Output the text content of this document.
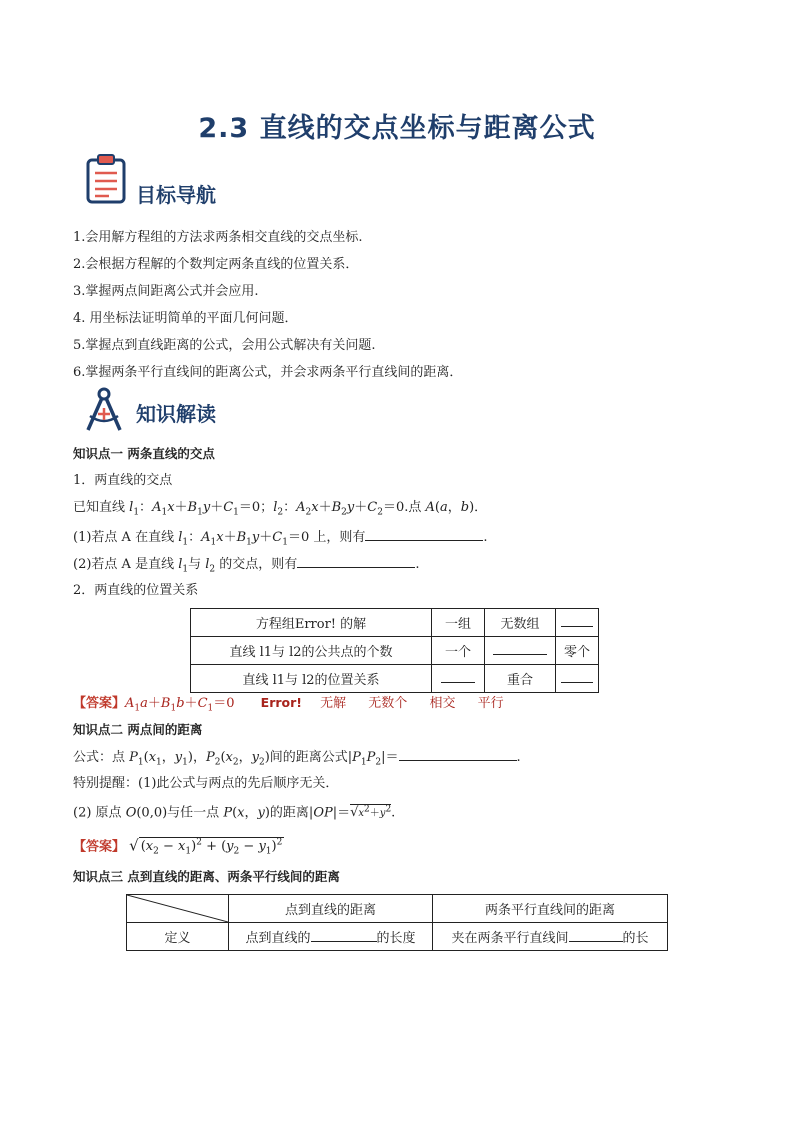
2.3 直线的交点坐标与距离公式
目标导航
1.会用解方程组的方法求两条相交直线的交点坐标.
2.会根据方程解的个数判定两条直线的位置关系．
3.掌握两点间距离公式并会应用.
4. 用坐标法证明简单的平面几何问题．
5.掌握点到直线距离的公式，会用公式解决有关问题.
6.掌握两条平行直线间的距离公式，并会求两条平行直线间的距离．
知识解读
知识点一 两条直线的交点
1．两直线的交点
已知直线 $l_1$：$A_1x+B_1y+C_1=0$；$l_2$：$A_2x+B_2y+C_2=0$.点 A(a，b)．
(1)若点 A 在直线 $l_1$：$A_1x+B_1y+C_1=0$ 上，则有	.
(2)若点 A 是直线 $l_1$与 $l_2$ 的交点，则有	.
2．两直线的位置关系
方程组Error! 的解	一组	无数组	
直线 l1与 l2的公共点的个数	一个		零个
直线 l1与 l2的位置关系		重合	
【答案】$A_1a+B_1b+C_1=0$ Error! 无解 无数个 相交 平行
知识点二 两点间的距离
公式：点 $P_1(x_1$，$y_1$)，$P_2(x_2$，$y_2$)间的距离公式$|P_1P_2|=$	.
特别提醒：(1)此公式与两点的先后顺序无关．
(2) 原点 O(0,0)与任一点 P(x，y)的距离$|OP|=√x^2+y^2$.
【答案】 √ $(x_2 - x_1)^2 + (y_2 - y_1)^2$
知识点三 点到直线的距离、两条平行线间的距离
	点到直线的距离	两条平行直线间的距离
定义	点到直线的 的长度	夹在两条平行直线间 的长
